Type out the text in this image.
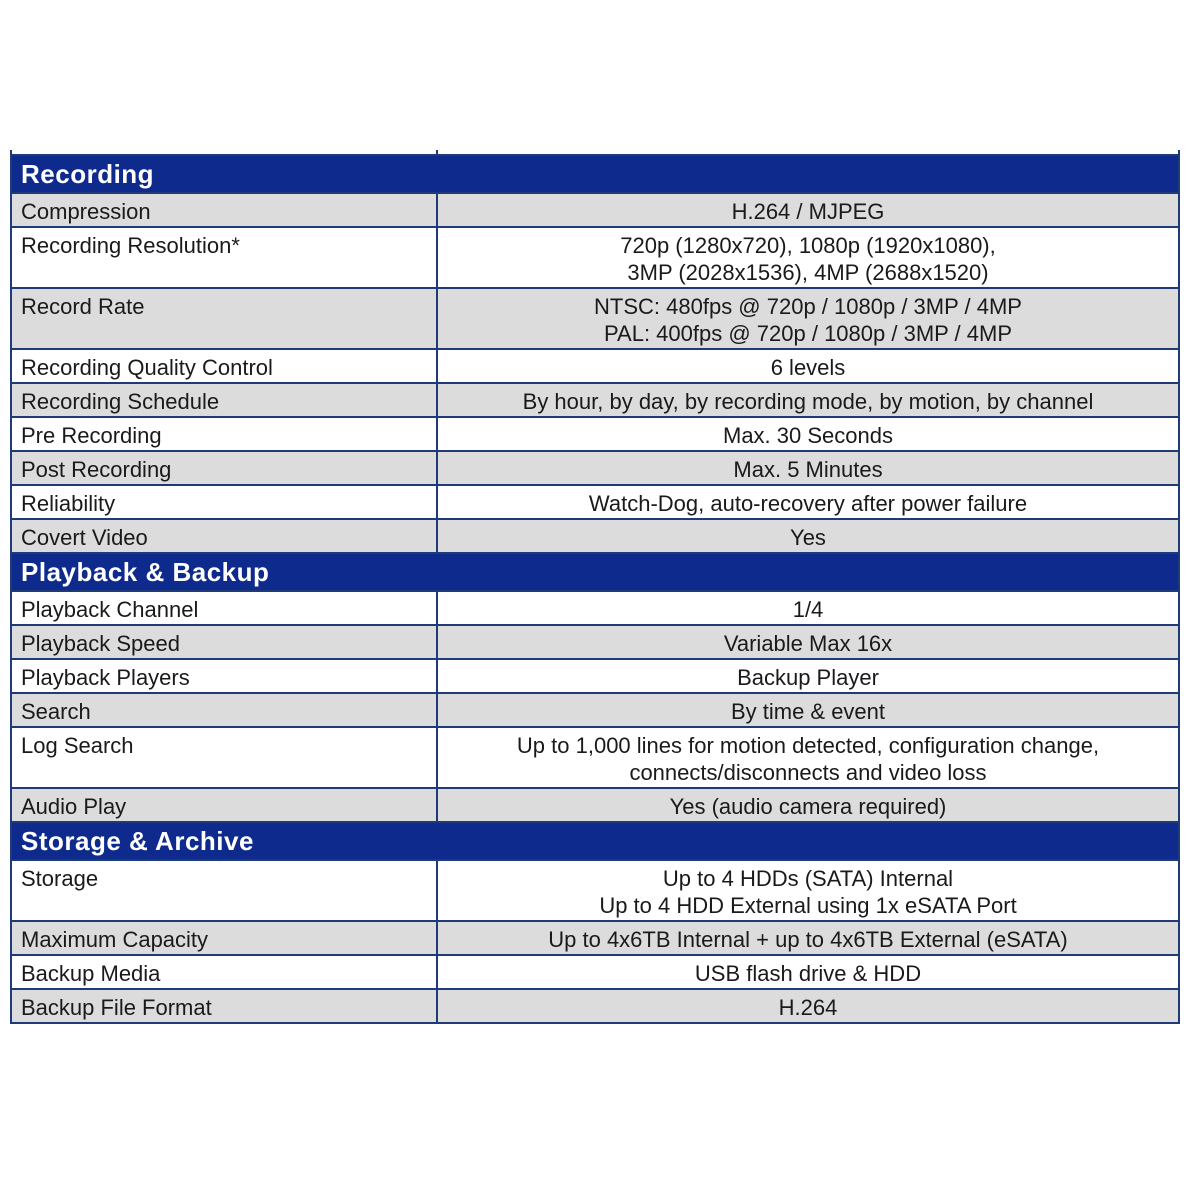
Recording	
Compression	H.264 / MJPEG

Recording Resolution*	720p (1280x720), 1080p (1920x1080),
3MP (2028x1536), 4MP (2688x1520)

Record Rate	NTSC: 480fps @ 720p / 1080p / 3MP / 4MP
PAL: 400fps @ 720p / 1080p / 3MP / 4MP

Recording Quality Control	6 levels

Recording Schedule	By hour, by day, by recording mode, by motion, by channel

Pre Recording	Max. 30 Seconds

Post Recording	Max. 5 Minutes

Reliability	Watch-Dog, auto-recovery after power failure

Covert Video	Yes

Playback & Backup	
Playback Channel	1/4

Playback Speed	Variable Max 16x

Playback Players	Backup Player

Search	By time & event

Log Search	Up to 1,000 lines for motion detected, configuration change,
connects/disconnects and video loss

Audio Play	Yes (audio camera required)

Storage & Archive	
Storage	Up to 4 HDDs (SATA) Internal
Up to 4 HDD External using 1x eSATA Port

Maximum Capacity	Up to 4x6TB Internal + up to 4x6TB External (eSATA)

Backup Media	USB flash drive & HDD

Backup File Format	H.264
